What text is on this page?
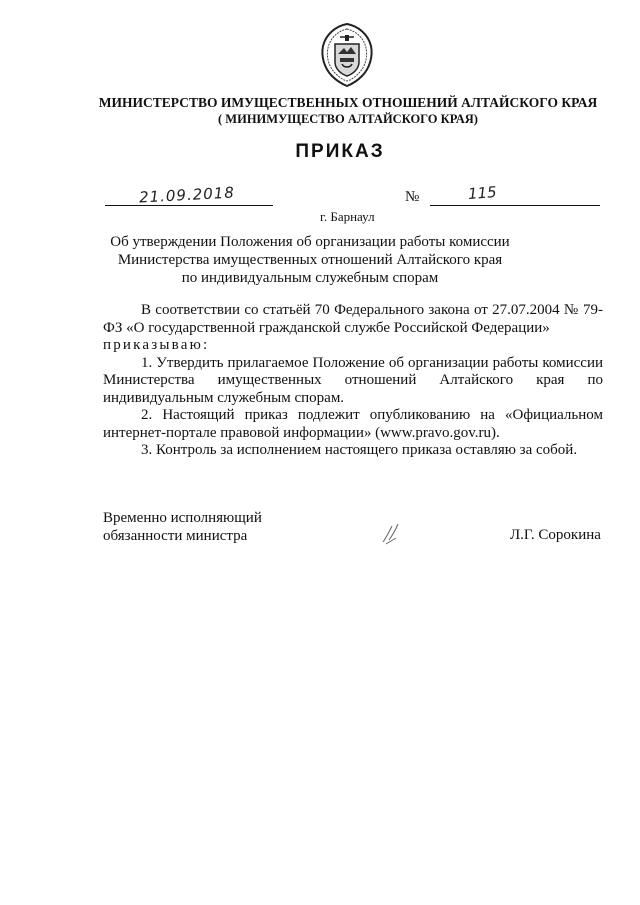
МИНИСТЕРСТВО ИМУЩЕСТВЕННЫХ ОТНОШЕНИЙ АЛТАЙСКОГО КРАЯ
( МИНИМУЩЕСТВО АЛТАЙСКОГО КРАЯ)
ПРИКАЗ
21.09.2018	№	115
г. Барнаул
Об утверждении Положения об организации работы комиссии
Министерства имущественных отношений Алтайского края
по индивидуальным служебным спорам

В соответствии со статьёй 70 Федерального закона от 27.07.2004 № 79-ФЗ «О государственной гражданской службе Российской Федерации»

приказываю:

1. Утвердить прилагаемое Положение об организации работы комиссии Министерства имущественных отношений Алтайского края по индивидуальным служебным спорам.

2. Настоящий приказ подлежит опубликованию на «Официальном интернет-портале правовой информации» (www.pravo.gov.ru).

3. Контроль за исполнением настоящего приказа оставляю за собой.

Временно исполняющий
обязанности министра	Л.Г. Сорокина
